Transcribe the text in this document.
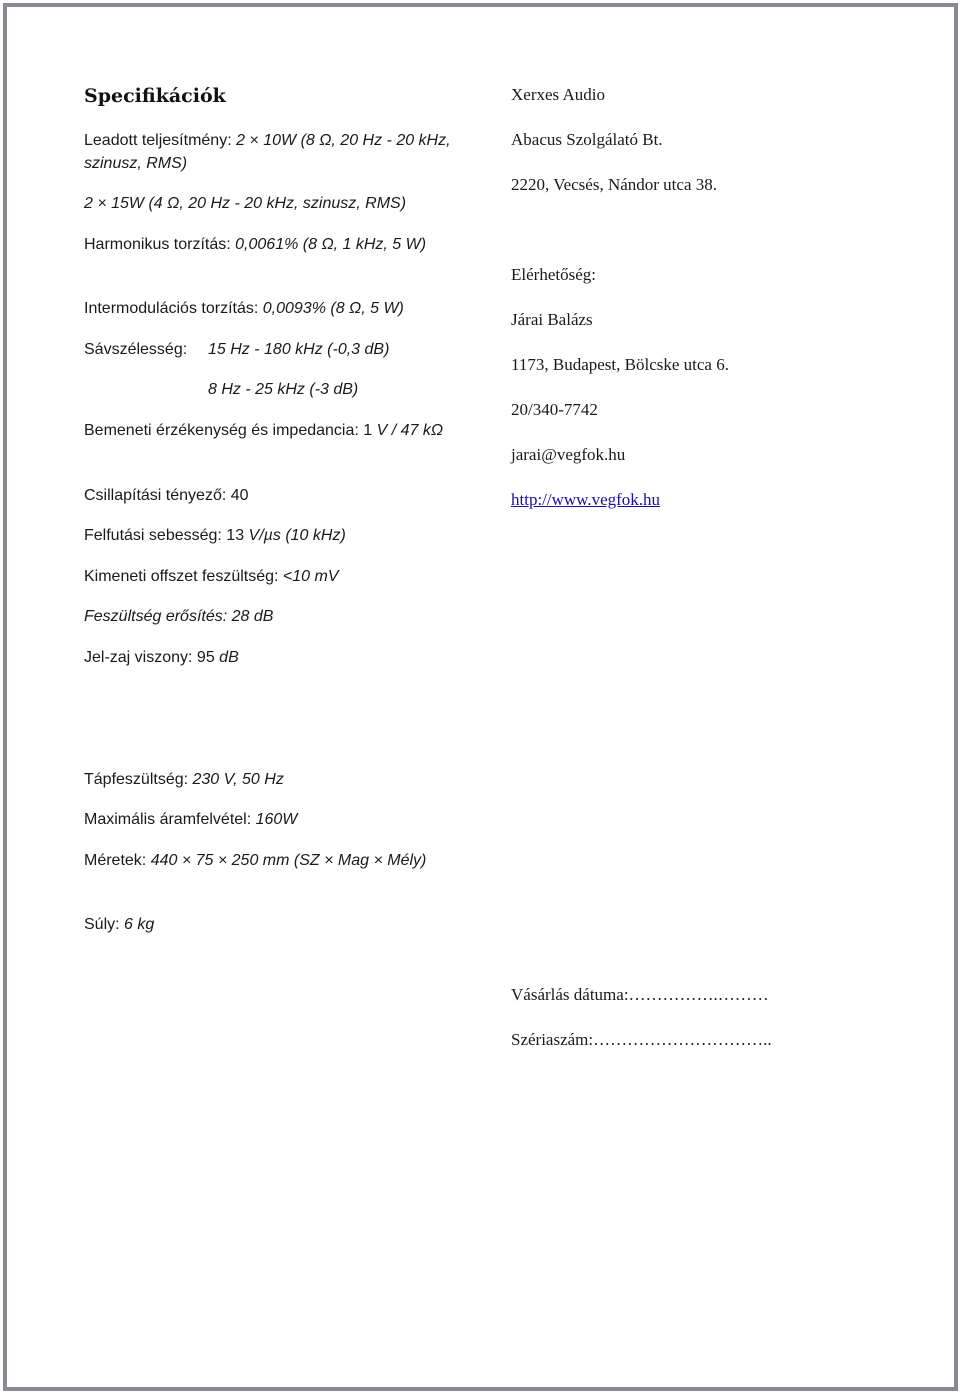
Specifikációk
Leadott teljesítmény: 2 × 10W (8 Ω, 20 Hz - 20 kHz, szinusz, RMS)
2 × 15W (4 Ω, 20 Hz - 20 kHz, szinusz, RMS)
Harmonikus torzítás: 0,0061% (8 Ω, 1 kHz, 5 W)
Intermodulációs torzítás: 0,0093% (8 Ω, 5 W)
Sávszélesség: 15 Hz - 180 kHz (-0,3 dB)
8 Hz - 25 kHz (-3 dB)
Bemeneti érzékenység és impedancia: 1 V / 47 kΩ
Csillapítási tényező: 40
Felfutási sebesség: 13 V/µs (10 kHz)
Kimeneti offszet feszültség: <10 mV
Feszültség erősítés: 28 dB
Jel-zaj viszony: 95 dB
Tápfeszültség: 230 V, 50 Hz
Maximális áramfelvétel: 160W
Méretek: 440 × 75 × 250 mm (SZ × Mag × Mély)
Súly: 6 kg
Xerxes Audio
Abacus Szolgálató Bt.
2220, Vecsés, Nándor utca 38.
Elérhetőség:
Járai Balázs
1173, Budapest, Bölcske utca 6.
20/340-7742
jarai@vegfok.hu
http://www.vegfok.hu
Vásárlás dátuma:…………….………
Szériaszám:…………………………..
